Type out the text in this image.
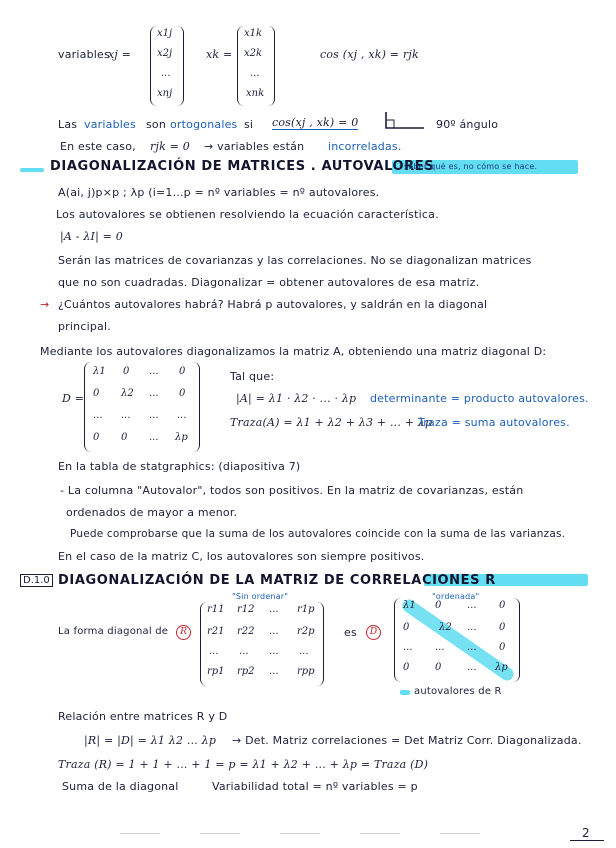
variables
xj =
x1j
x2j
...
xnj
xk =
x1k
x2k
...
xnk
cos (xj , xk) = rjk
Las variables son ortogonales si cos(xj , xk) = 0	90º ángulo
En este caso, rjk = 0 → variables están incorreladas.
DIAGONALIZACIÓN DE MATRICES . AUTOVALORES
saber qué es, no cómo se hace.
A(ai, j)p×p ; λp (i=1...p = nº variables = nº autovalores.
Los autovalores se obtienen resolviendo la ecuación característica.
|A - λI| = 0
Serán las matrices de covarianzas y las correlaciones. No se diagonalizan matrices
que no son cuadradas. Diagonalizar = obtener autovalores de esa matriz.
→ ¿Cuántos autovalores habrá? Habrá p autovalores, y saldrán en la diagonal
principal.
Mediante los autovalores diagonalizamos la matriz A, obteniendo una matriz diagonal D:
D =
λ1 0 ... 0
0 λ2 ... 0
... ... ... ...
0 0 ... λp
Tal que:
|A| = λ1 · λ2 · ... · λp determinante = producto autovalores.
Traza(A) = λ1 + λ2 + λ3 + ... + λp
Traza = suma autovalores.
En la tabla de statgraphics: (diapositiva 7)
- La columna "Autovalor", todos son positivos. En la matriz de covarianzas, están
ordenados de mayor a menor.
Puede comprobarse que la suma de los autovalores coincide con la suma de las varianzas.
En el caso de la matriz C, los autovalores son siempre positivos.
D.1.0 DIAGONALIZACIÓN DE LA MATRIZ DE CORRELACIONES R
"Sin ordenar"	"ordenada"
La forma diagonal de	R
r11 r12 ... r1p
r21 r22 ... r2p
... ... ... ...
rp1 rp2 ... rpp
es	D
λ1 0	... 0
0	λ2 ... 0
... ... ... 0
0	0	... λp
autovalores de R
Relación entre matrices R y D
|R| = |D| = λ1 λ2 ... λp → Det. Matriz correlaciones = Det Matriz Corr. Diagonalizada.
Traza (R) = 1 + 1 + ... + 1 = p = λ1 + λ2 + ... + λp = Traza (D)
Suma de la diagonal	Variabilidad total = nº variables = p
2
